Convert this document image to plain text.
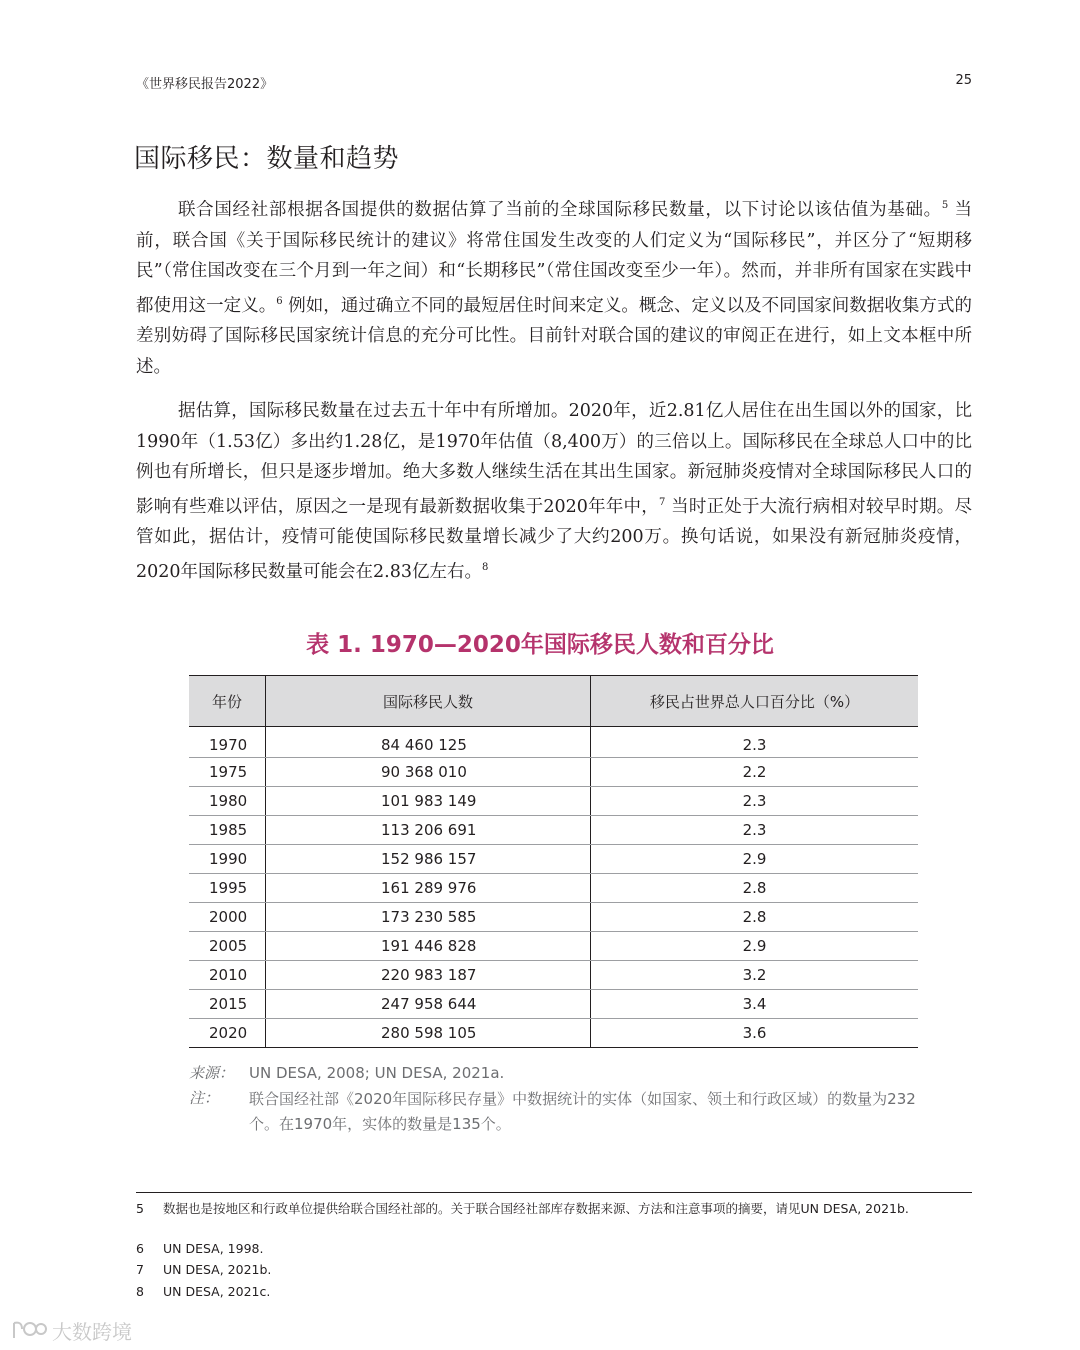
《世界移民报告2022》	25
国际移民：数量和趋势

联合国经社部根据各国提供的数据估算了当前的全球国际移民数量，以下讨论以该估值为基础。$^5$ 当前，联合国《关于国际移民统计的建议》将常住国发生改变的人们定义为“国际移民”，并区分了“短期移民”（常住国改变在三个月到一年之间）和“长期移民”（常住国改变至少一年）。然而，并非所有国家在实践中都使用这一定义。$^6$ 例如，通过确立不同的最短居住时间来定义。概念、定义以及不同国家间数据收集方式的差别妨碍了国际移民国家统计信息的充分可比性。目前针对联合国的建议的审阅正在进行，如上文本框中所述。

据估算，国际移民数量在过去五十年中有所增加。2020年，近2.81亿人居住在出生国以外的国家，比1990年（1.53亿）多出约1.28亿，是1970年估值（8,400万）的三倍以上。国际移民在全球总人口中的比例也有所增长，但只是逐步增加。绝大多数人继续生活在其出生国家。新冠肺炎疫情对全球国际移民人口的影响有些难以评估，原因之一是现有最新数据收集于2020年年中，$^7$ 当时正处于大流行病相对较早时期。尽管如此，据估计，疫情可能使国际移民数量增长减少了大约200万。换句话说，如果没有新冠肺炎疫情，2020年国际移民数量可能会在2.83亿左右。$^8$

表 1. 1970—2020年国际移民人数和百分比
年份	国际移民人数	移民占世界总人口百分比（%）
1970	84 460 125	2.3
1975	90 368 010	2.2
1980	101 983 149	2.3
1985	113 206 691	2.3
1990	152 986 157	2.9
1995	161 289 976	2.8
2000	173 230 585	2.8
2005	191 446 828	2.9
2010	220 983 187	3.2
2015	247 958 644	3.4
2020	280 598 105	3.6
来源： UN DESA, 2008; UN DESA, 2021a.
注： 联合国经社部《2020年国际移民存量》中数据统计的实体（如国家、领土和行政区域）的数量为232个。在1970年，实体的数量是135个。
5 数据也是按地区和行政单位提供给联合国经社部的。关于联合国经社部库存数据来源、方法和注意事项的摘要，请见UN DESA, 2021b.
6 UN DESA, 1998.
7 UN DESA, 2021b.
8 UN DESA, 2021c.
大数跨境
